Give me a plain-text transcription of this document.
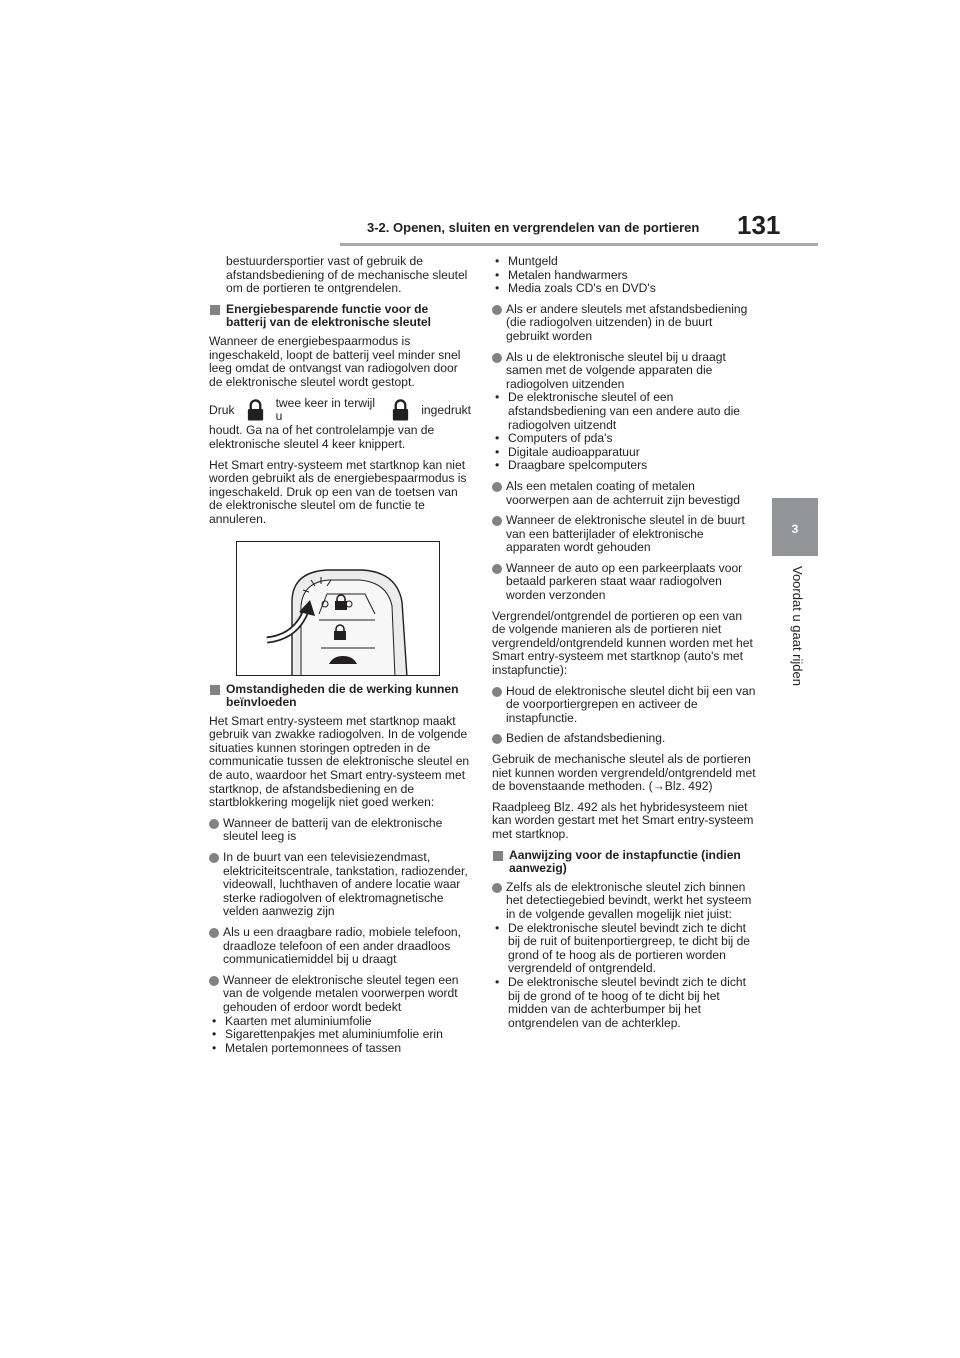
3-2. Openen, sluiten en vergrendelen van de portieren 131
3
Voordat u gaat rijden
bestuurdersportier vast of gebruik de afstandsbediening of de mechanische sleutel om de portieren te ontgrendelen.
Energiebesparende functie voor de batterij van de elektronische sleutel
Wanneer de energiebespaarmodus is ingeschakeld, loopt de batterij veel minder snel leeg omdat de ontvangst van radiogolven door de elektronische sleutel wordt gestopt.
Druk	twee keer in terwijl u	ingedrukt
houdt. Ga na of het controlelampje van de elektronische sleutel 4 keer knippert.
Het Smart entry-systeem met startknop kan niet worden gebruikt als de energiebespaarmodus is ingeschakeld. Druk op een van de toetsen van de elektronische sleutel om de functie te annuleren.
Omstandigheden die de werking kunnen beïnvloeden
Het Smart entry-systeem met startknop maakt gebruik van zwakke radiogolven. In de volgende situaties kunnen storingen optreden in de communicatie tussen de elektronische sleutel en de auto, waardoor het Smart entry-systeem met startknop, de afstandsbediening en de startblokkering mogelijk niet goed werken:
Wanneer de batterij van de elektronische sleutel leeg is
In de buurt van een televisiezendmast, elektriciteitscentrale, tankstation, radiozender, videowall, luchthaven of andere locatie waar sterke radiogolven of elektromagnetische velden aanwezig zijn
Als u een draagbare radio, mobiele telefoon, draadloze telefoon of een ander draadloos communicatiemiddel bij u draagt
Wanneer de elektronische sleutel tegen een van de volgende metalen voorwerpen wordt gehouden of erdoor wordt bedekt
• Kaarten met aluminiumfolie
• Sigarettenpakjes met aluminiumfolie erin
• Metalen portemonnees of tassen
• Muntgeld
• Metalen handwarmers
• Media zoals CD's en DVD's
Als er andere sleutels met afstandsbediening (die radiogolven uitzenden) in de buurt gebruikt worden
Als u de elektronische sleutel bij u draagt samen met de volgende apparaten die radiogolven uitzenden
• De elektronische sleutel of een afstandsbediening van een andere auto die radiogolven uitzendt
• Computers of pda's
• Digitale audioapparatuur
• Draagbare spelcomputers
Als een metalen coating of metalen voorwerpen aan de achterruit zijn bevestigd
Wanneer de elektronische sleutel in de buurt van een batterijlader of elektronische apparaten wordt gehouden
Wanneer de auto op een parkeerplaats voor betaald parkeren staat waar radiogolven worden verzonden
Vergrendel/ontgrendel de portieren op een van de volgende manieren als de portieren niet vergrendeld/ontgrendeld kunnen worden met het Smart entry-systeem met startknop (auto's met instapfunctie):
Houd de elektronische sleutel dicht bij een van de voorportiergrepen en activeer de instapfunctie.
Bedien de afstandsbediening.
Gebruik de mechanische sleutel als de portieren niet kunnen worden vergrendeld/ontgrendeld met de bovenstaande methoden. (→Blz. 492)
Raadpleeg Blz. 492 als het hybridesysteem niet kan worden gestart met het Smart entry-systeem met startknop.
Aanwijzing voor de instapfunctie (indien aanwezig)
Zelfs als de elektronische sleutel zich binnen het detectiegebied bevindt, werkt het systeem in de volgende gevallen mogelijk niet juist:
• De elektronische sleutel bevindt zich te dicht bij de ruit of buitenportiergreep, te dicht bij de grond of te hoog als de portieren worden vergrendeld of ontgrendeld.
• De elektronische sleutel bevindt zich te dicht bij de grond of te hoog of te dicht bij het midden van de achterbumper bij het ontgrendelen van de achterklep.
